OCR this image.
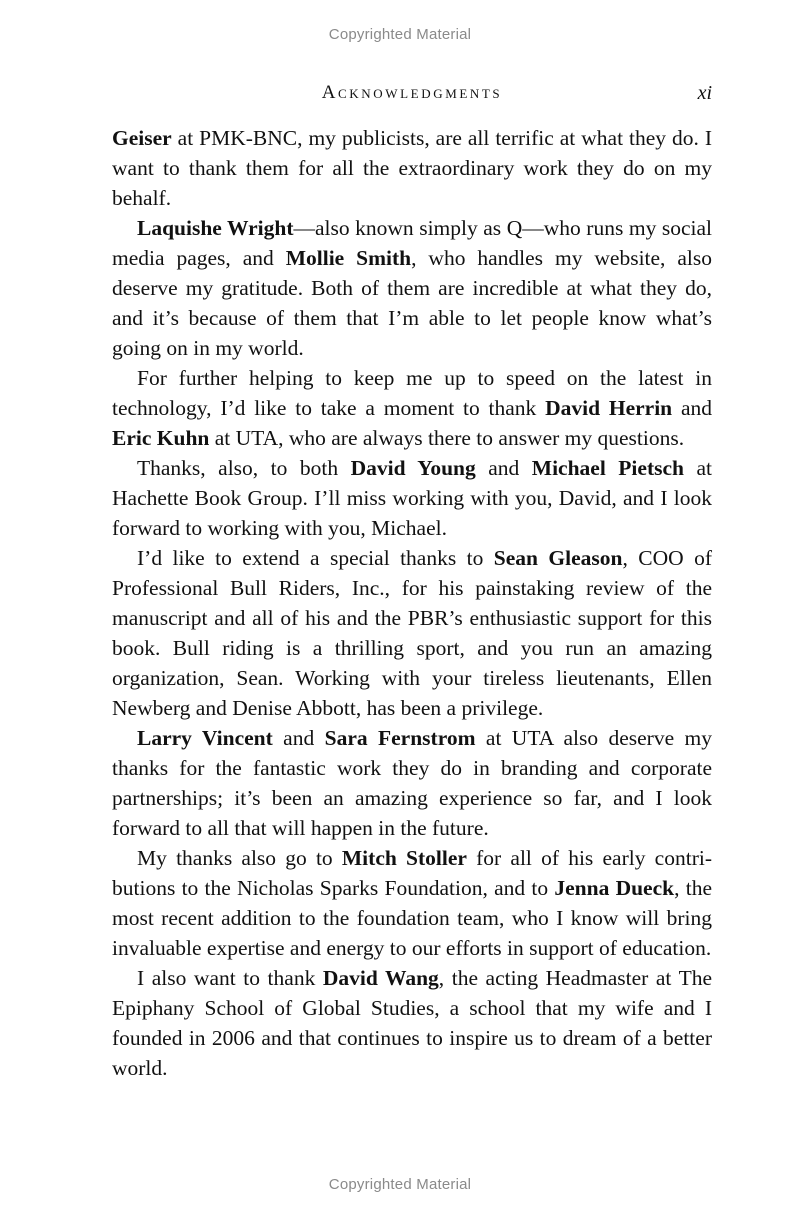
Copyrighted Material
Acknowledgments	xi

Geiser at PMK-BNC, my publicists, are all terrific at what they do. I want to thank them for all the extraordinary work they do on my behalf.

Laquishe Wright—also known simply as Q—who runs my social media pages, and Mollie Smith, who handles my website, also deserve my gratitude. Both of them are incredible at what they do, and it’s because of them that I’m able to let people know what’s going on in my world.

For further helping to keep me up to speed on the latest in technology, I’d like to take a moment to thank David Herrin and Eric Kuhn at UTA, who are always there to answer my questions.

Thanks, also, to both David Young and Michael Pietsch at Hachette Book Group. I’ll miss working with you, David, and I look forward to working with you, Michael.

I’d like to extend a special thanks to Sean Gleason, COO of Professional Bull Riders, Inc., for his painstaking review of the manuscript and all of his and the PBR’s enthusiastic support for this book. Bull riding is a thrilling sport, and you run an amazing organization, Sean. Working with your tireless lieutenants, Ellen Newberg and Denise Abbott, has been a privilege.

Larry Vincent and Sara Fernstrom at UTA also deserve my thanks for the fantastic work they do in branding and corporate partnerships; it’s been an amazing experience so far, and I look forward to all that will happen in the future.

My thanks also go to Mitch Stoller for all of his early contributions to the Nicholas Sparks Foundation, and to Jenna Dueck, the most recent addition to the foundation team, who I know will bring invaluable expertise and energy to our efforts in support of education.

I also want to thank David Wang, the acting Headmaster at The Epiphany School of Global Studies, a school that my wife and I founded in 2006 and that continues to inspire us to dream of a better world.

Copyrighted Material
